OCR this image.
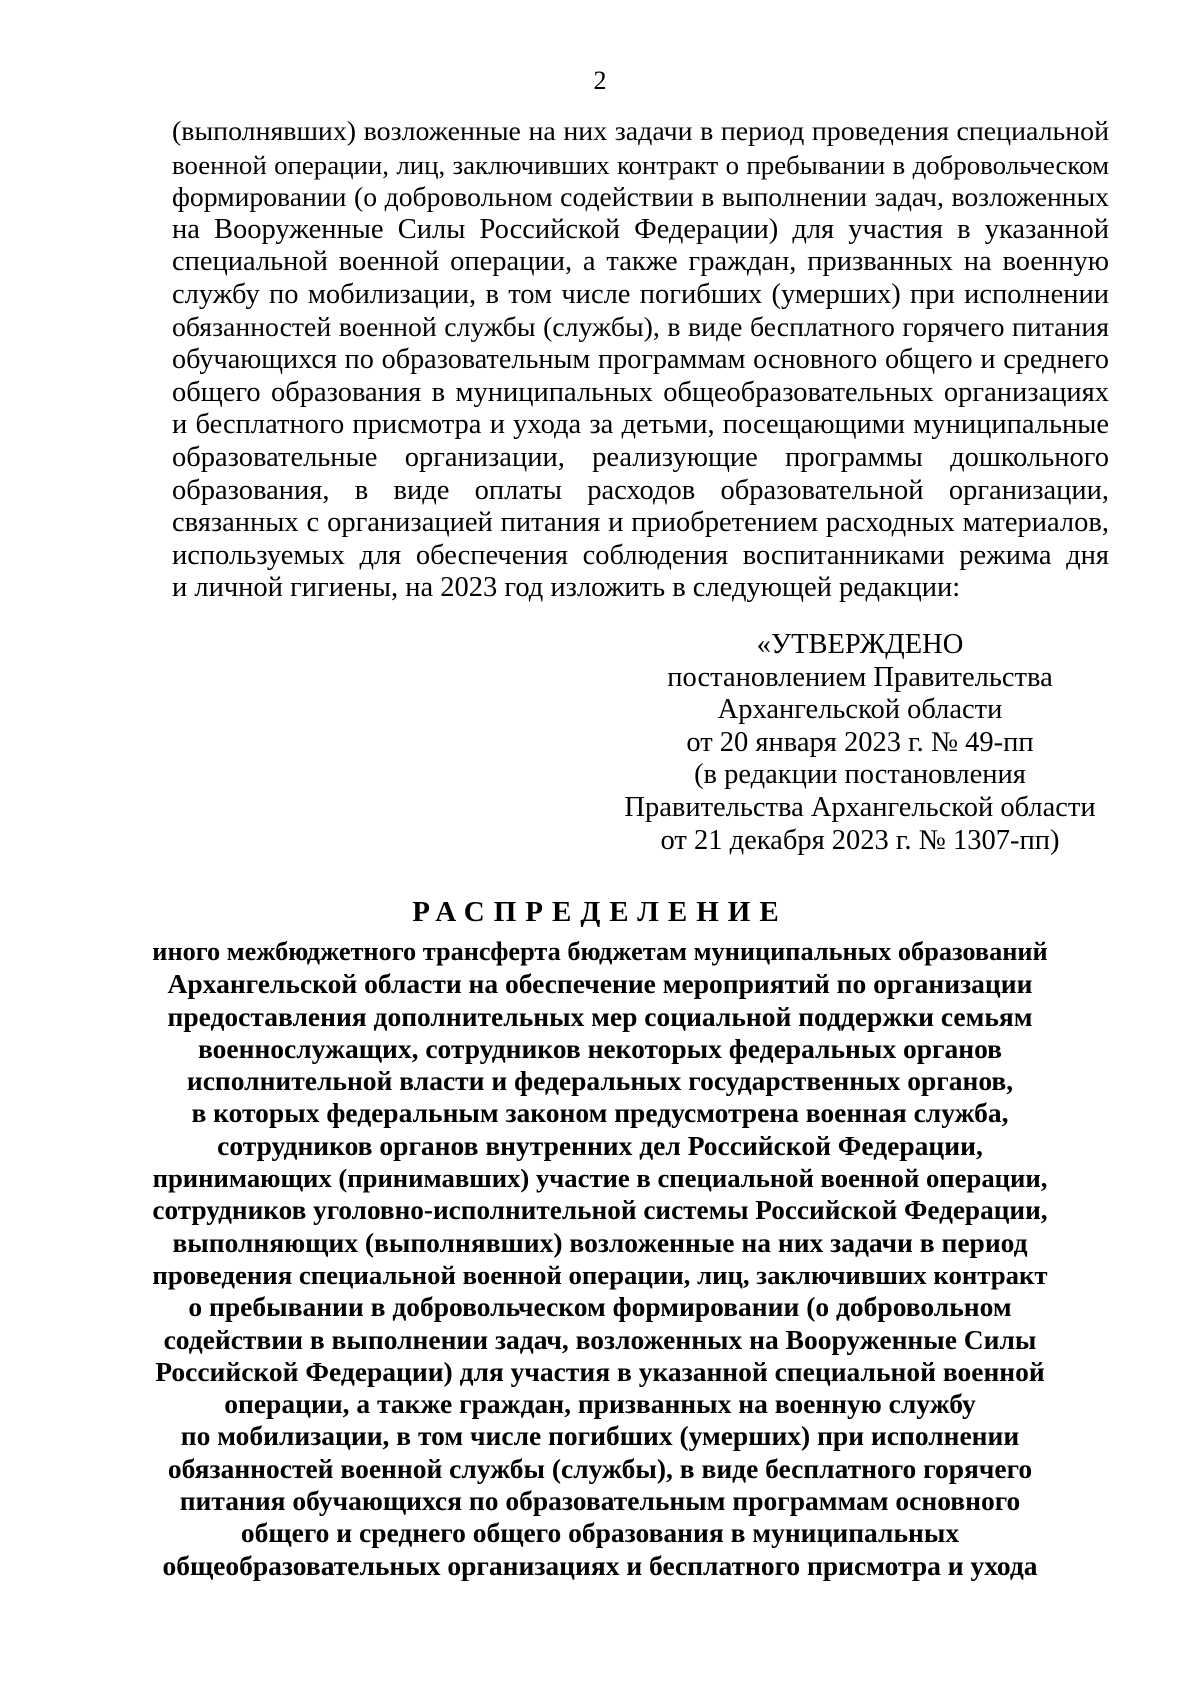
2
(выполнявших) возложенные на них задачи в период проведения специальной
военной операции, лиц, заключивших контракт о пребывании в добровольческом
формировании (о добровольном содействии в выполнении задач, возложенных
на Вооруженные Силы Российской Федерации) для участия в указанной
специальной военной операции, а также граждан, призванных на военную
службу по мобилизации, в том числе погибших (умерших) при исполнении
обязанностей военной службы (службы), в виде бесплатного горячего питания
обучающихся по образовательным программам основного общего и среднего
общего образования в муниципальных общеобразовательных организациях
и бесплатного присмотра и ухода за детьми, посещающими муниципальные
образовательные организации, реализующие программы дошкольного
образования, в виде оплаты расходов образовательной организации,
связанных с организацией питания и приобретением расходных материалов,
используемых для обеспечения соблюдения воспитанниками режима дня
и личной гигиены, на 2023 год изложить в следующей редакции:
«УТВЕРЖДЕНО
постановлением Правительства
Архангельской области
от 20 января 2023 г. № 49-пп
(в редакции постановления
Правительства Архангельской области
от 21 декабря 2023 г. № 1307-пп)
РАСПРЕДЕЛЕНИЕ
иного межбюджетного трансферта бюджетам муниципальных образований
Архангельской области на обеспечение мероприятий по организации
предоставления дополнительных мер социальной поддержки семьям
военнослужащих, сотрудников некоторых федеральных органов
исполнительной власти и федеральных государственных органов,
в которых федеральным законом предусмотрена военная служба,
сотрудников органов внутренних дел Российской Федерации,
принимающих (принимавших) участие в специальной военной операции,
сотрудников уголовно-исполнительной системы Российской Федерации,
выполняющих (выполнявших) возложенные на них задачи в период
проведения специальной военной операции, лиц, заключивших контракт
о пребывании в добровольческом формировании (о добровольном
содействии в выполнении задач, возложенных на Вооруженные Силы
Российской Федерации) для участия в указанной специальной военной
операции, а также граждан, призванных на военную службу
по мобилизации, в том числе погибших (умерших) при исполнении
обязанностей военной службы (службы), в виде бесплатного горячего
питания обучающихся по образовательным программам основного
общего и среднего общего образования в муниципальных
общеобразовательных организациях и бесплатного присмотра и ухода
